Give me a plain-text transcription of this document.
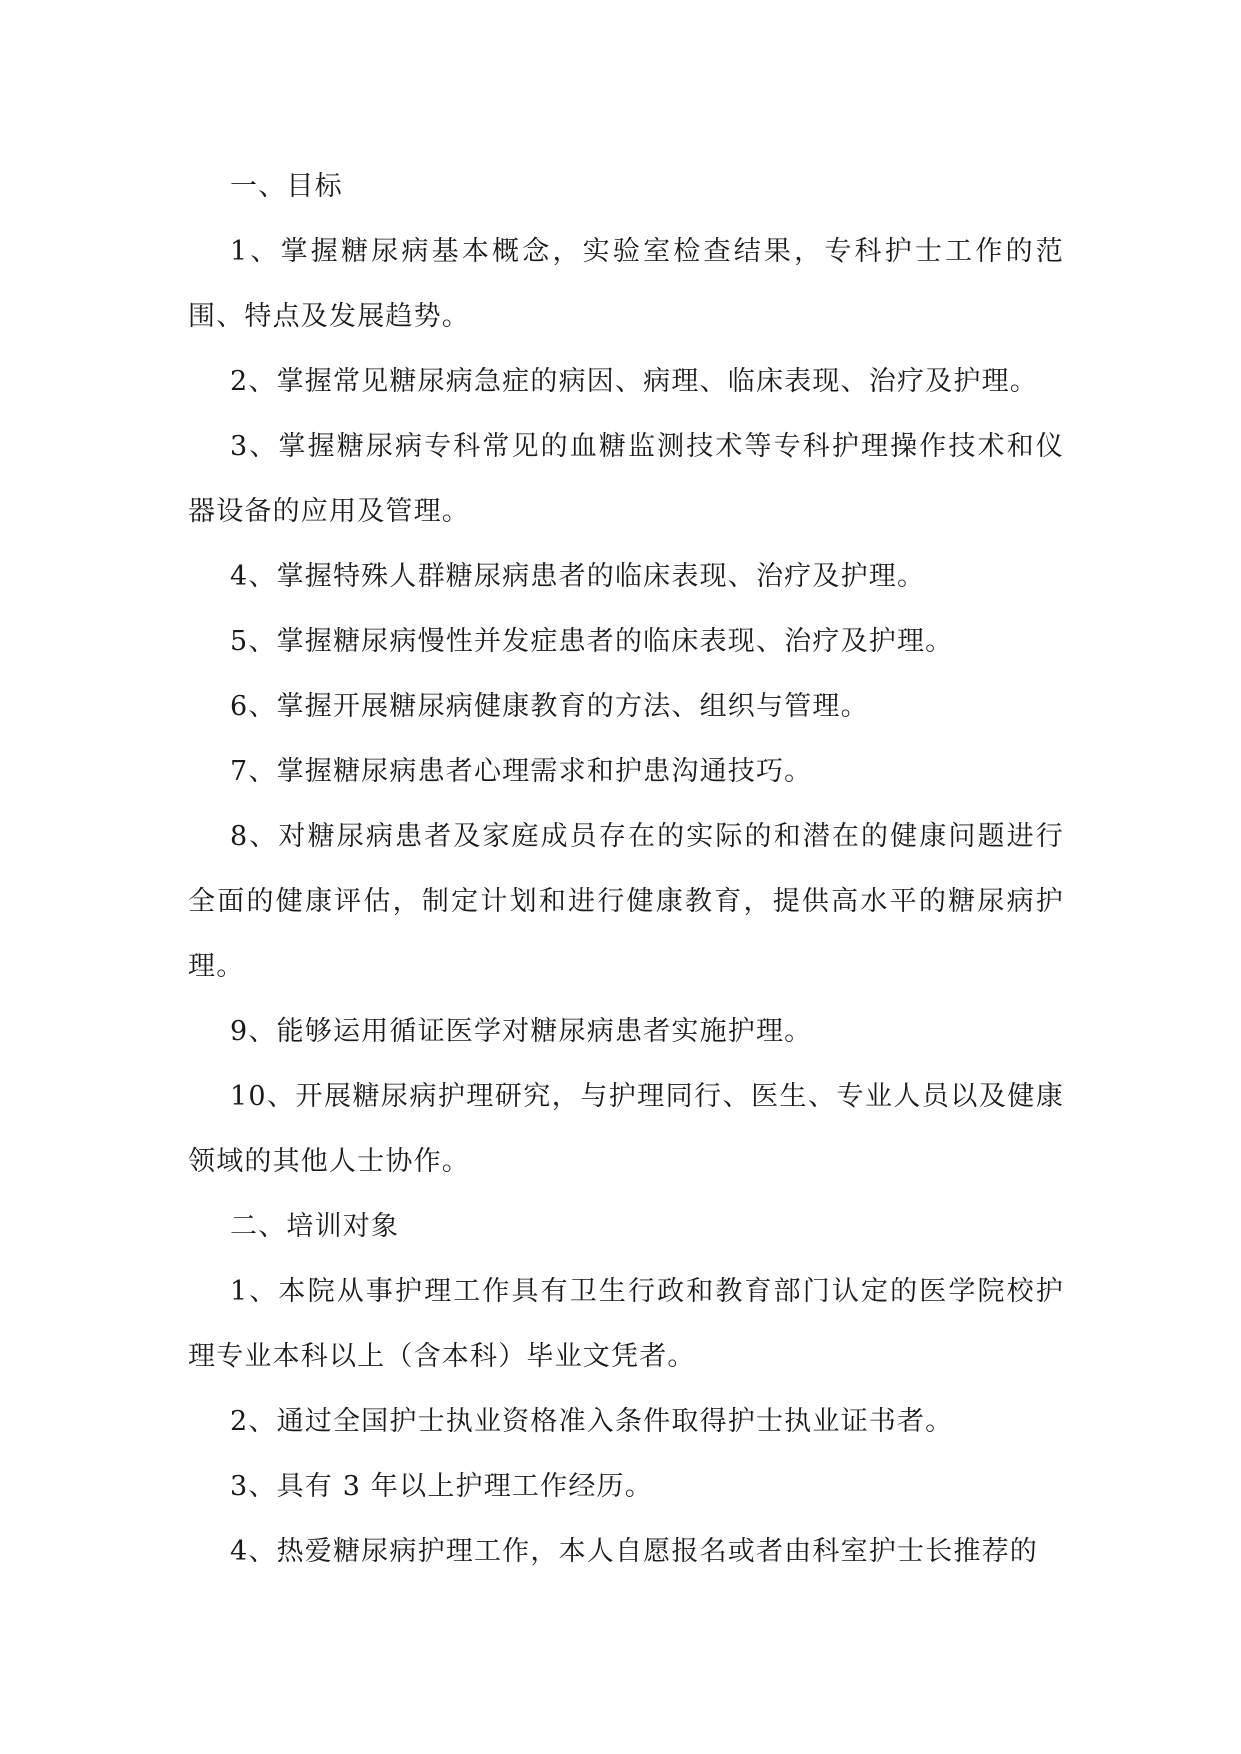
一、目标

1、掌握糖尿病基本概念，实验室检查结果，专科护士工作的范围、特点及发展趋势。

2、掌握常见糖尿病急症的病因、病理、临床表现、治疗及护理。

3、掌握糖尿病专科常见的血糖监测技术等专科护理操作技术和仪器设备的应用及管理。

4、掌握特殊人群糖尿病患者的临床表现、治疗及护理。

5、掌握糖尿病慢性并发症患者的临床表现、治疗及护理。

6、掌握开展糖尿病健康教育的方法、组织与管理。

7、掌握糖尿病患者心理需求和护患沟通技巧。

8、对糖尿病患者及家庭成员存在的实际的和潜在的健康问题进行全面的健康评估，制定计划和进行健康教育，提供高水平的糖尿病护理。

9、能够运用循证医学对糖尿病患者实施护理。

10、开展糖尿病护理研究，与护理同行、医生、专业人员以及健康领域的其他人士协作。

二、培训对象

1、本院从事护理工作具有卫生行政和教育部门认定的医学院校护理专业本科以上（含本科）毕业文凭者。

2、通过全国护士执业资格准入条件取得护士执业证书者。

3、具有 3 年以上护理工作经历。

4、热爱糖尿病护理工作，本人自愿报名或者由科室护士长推荐的
